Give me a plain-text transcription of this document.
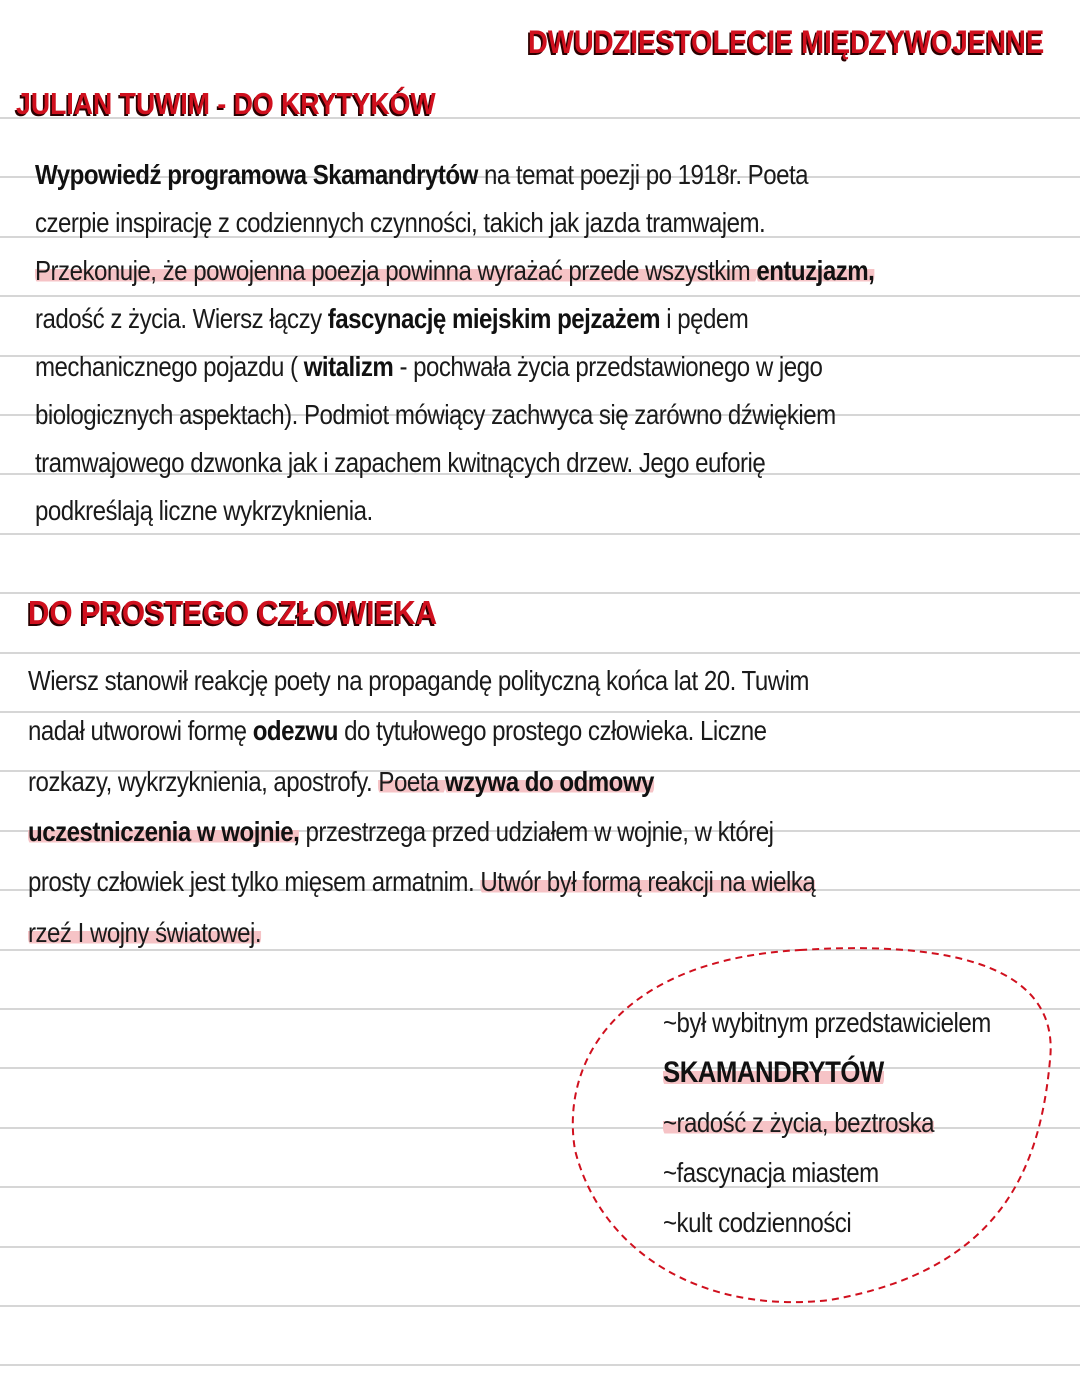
DWUDZIESTOLECIE MIĘDZYWOJENNE
JULIAN TUWIM - DO KRYTYKÓW
Wypowiedź programowa Skamandrytów na temat poezji po 1918r. Poeta
czerpie inspirację z codziennych czynności, takich jak jazda tramwajem.
Przekonuje, że powojenna poezja powinna wyrażać przede wszystkim entuzjazm,
radość z życia. Wiersz łączy fascynację miejskim pejzażem i pędem
mechanicznego pojazdu ( witalizm - pochwała życia przedstawionego w jego
biologicznych aspektach). Podmiot mówiący zachwyca się zarówno dźwiękiem
tramwajowego dzwonka jak i zapachem kwitnących drzew. Jego euforię
podkreślają liczne wykrzyknienia.
DO PROSTEGO CZŁOWIEKA
Wiersz stanowił reakcję poety na propagandę polityczną końca lat 20. Tuwim
nadał utworowi formę odezwu do tytułowego prostego człowieka. Liczne
rozkazy, wykrzyknienia, apostrofy. Poeta wzywa do odmowy
uczestniczenia w wojnie, przestrzega przed udziałem w wojnie, w której
prosty człowiek jest tylko mięsem armatnim. Utwór był formą reakcji na wielką
rzeź I wojny światowej.
~był wybitnym przedstawicielem
SKAMANDRYTÓW
~radość z życia, beztroska
~fascynacja miastem
~kult codzienności
